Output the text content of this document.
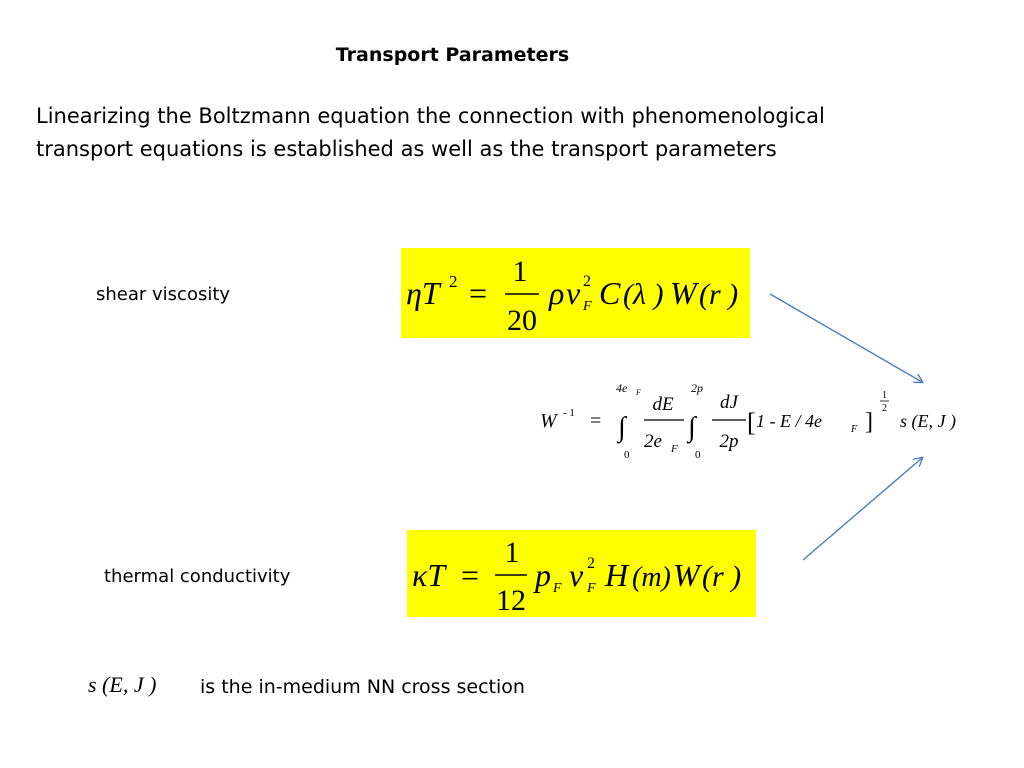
Transport Parameters
Linearizing the Boltzmann equation the connection with phenomenological
transport equations is established as well as the transport parameters
shear viscosity	ηT 2 =
1
20
ρ v 2
F C (λ ) W (r )
W - 1 =
4e F
∫
0
dE
2e F
2p
∫
0
dJ
2p
[ 1 - E / 4e	F ]
1
2
s (E, J )
thermal conductivity	κT =
1
12
p F v 2
F H (m) W (r )
s (E, J ) is the in-medium NN cross section
